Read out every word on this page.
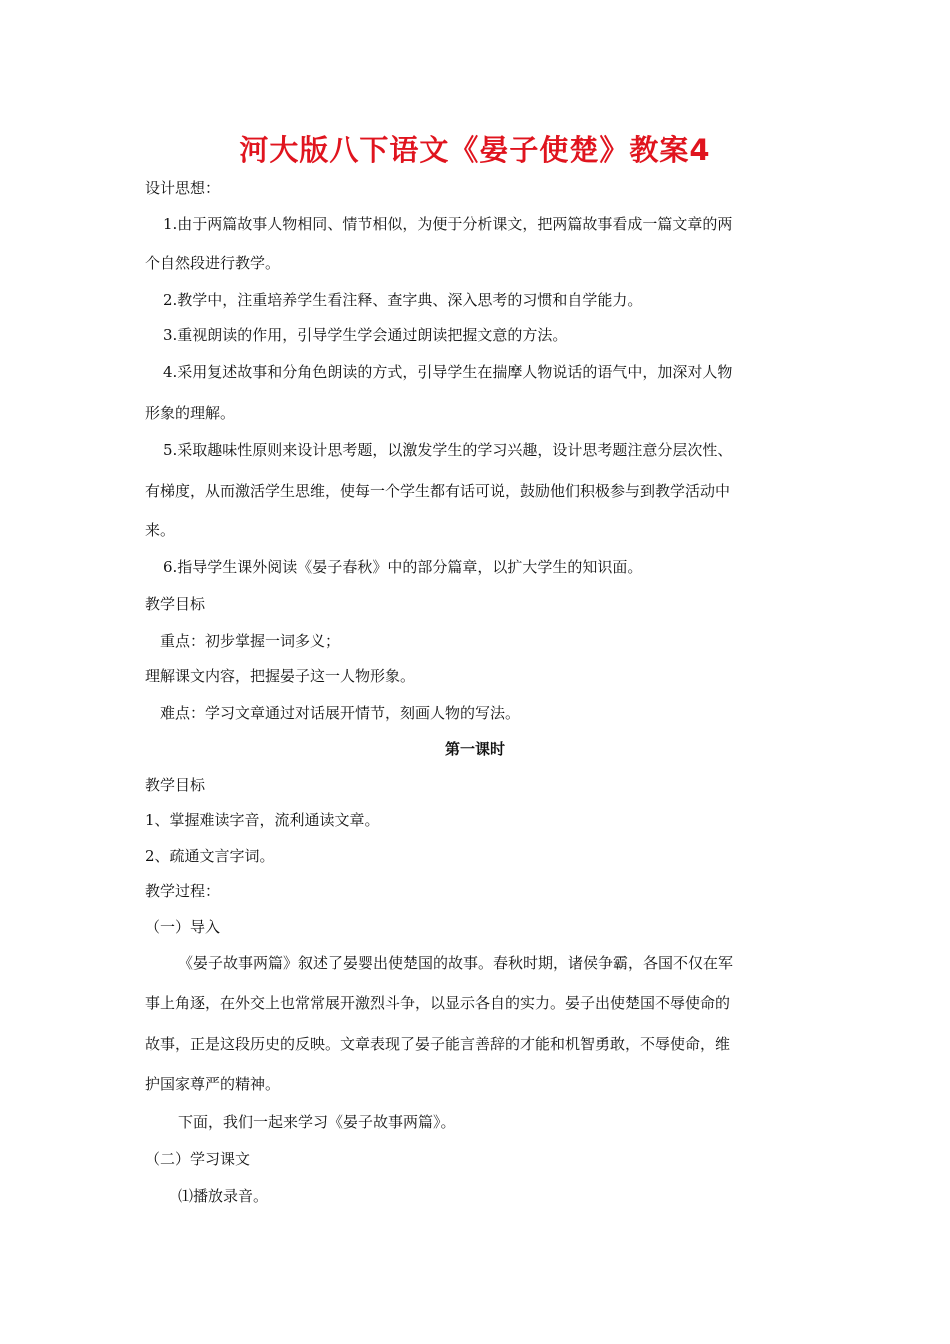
河大版八下语文《晏子使楚》教案4
设计思想：
1.由于两篇故事人物相同、情节相似，为便于分析课文，把两篇故事看成一篇文章的两
个自然段进行教学。
2.教学中，注重培养学生看注释、查字典、深入思考的习惯和自学能力。
3.重视朗读的作用，引导学生学会通过朗读把握文意的方法。
4.采用复述故事和分角色朗读的方式，引导学生在揣摩人物说话的语气中，加深对人物
形象的理解。
5.采取趣味性原则来设计思考题，以激发学生的学习兴趣，设计思考题注意分层次性、
有梯度，从而激活学生思维，使每一个学生都有话可说，鼓励他们积极参与到教学活动中
来。
6.指导学生课外阅读《晏子春秋》中的部分篇章，以扩大学生的知识面。
教学目标
重点：初步掌握一词多义；
理解课文内容，把握晏子这一人物形象。
难点：学习文章通过对话展开情节，刻画人物的写法。
第一课时
教学目标
1、掌握难读字音，流利通读文章。
2、疏通文言字词。
教学过程：
（一）导入
《晏子故事两篇》叙述了晏婴出使楚国的故事。春秋时期，诸侯争霸，各国不仅在军
事上角逐，在外交上也常常展开激烈斗争，以显示各自的实力。晏子出使楚国不辱使命的
故事，正是这段历史的反映。文章表现了晏子能言善辞的才能和机智勇敢，不辱使命，维
护国家尊严的精神。
下面，我们一起来学习《晏子故事两篇》。
（二）学习课文
⑴播放录音。
